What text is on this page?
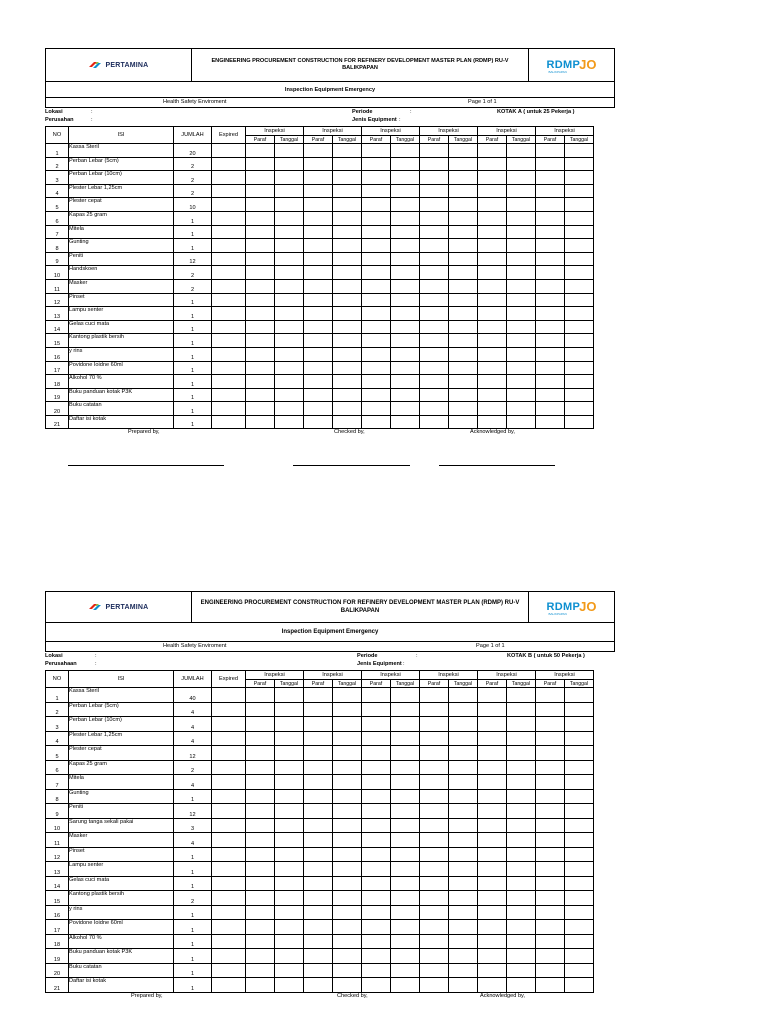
PERTAMINA
ENGINEERING PROCUREMENT CONSTRUCTION FOR REFINERY DEVELOPMENT MASTER PLAN (RDMP) RU-V BALIKPAPAN	RDMP JO
BALIKPAPAN
Inspection Equipment Emergency
Health Safety Enviroment	Page 1 of 1
Lokasi	:
Perusahan	:
Periode	:
Jenis Equipment :
KOTAK A ( untuk 25 Pekerja )
NO	ISI	JUMLAH	Expired	Inspeksi		Inspeksi		Inspeksi		Inspeksi		Inspeksi		Inspeksi	
				Paraf	Tanggal	Paraf	Tanggal	Paraf	Tanggal	Paraf	Tanggal	Paraf	Tanggal	Paraf	Tanggal
1	Kassa Steril	20													
2	Perban Lebar (5cm)	2													
3	Perban Lebar (10cm)	2													
4	Plester Lebar 1,25cm	2													
5	Plester cepat	10													
6	Kapas 25 gram	1													
7	Mitela	1													
8	Gunting	1													
9	Peniti	12													
10	Handskoen	2													
11	Masker	2													
12	Pinset	1													
13	Lampu senter	1													
14	Gelas cuci mata	1													
15	Kantong plastik bersih	1													
16	y rins	1													
17	Povidone Ioidne 60ml	1													
18	Alkohol 70 %	1													
19	Buku panduan kotak P3K	1													
20	Buku catatan	1													
21	Daftar isi kotak	1													
Prepared by,	Checked by,	Acknowledged by,
PERTAMINA
ENGINEERING PROCUREMENT CONSTRUCTION FOR REFINERY DEVELOPMENT MASTER PLAN (RDMP) RU-V BALIKPAPAN	RDMP JO
BALIKPAPAN
Inspection Equipment Emergency
Health Safety Enviroment	Page 1 of 1
Lokasi	:
Perusahaan	:
Periode	:
Jenis Equipment :
KOTAK B ( untuk 50 Pekerja )
NO	ISI	JUMLAH	Expired	Inspeksi		Inspeksi		Inspeksi		Inspeksi		Inspeksi		Inspeksi	
				Paraf	Tanggal	Paraf	Tanggal	Paraf	Tanggal	Paraf	Tanggal	Paraf	Tanggal	Paraf	Tanggal
1	Kassa Steril	40													
2	Perban Lebar (5cm)	4													
3	Perban Lebar (10cm)	4													
4	Plester Lebar 1,25cm	4													
5	Plester cepat	12													
6	Kapas 25 gram	2													
7	Mitela	4													
8	Gunting	1													
9	Peniti	12													
10	Sarung tanga sekali pakai	3													
11	Masker	4													
12	Pinset	1													
13	Lampu senter	1													
14	Gelas cuci mata	1													
15	Kantong plastik bersih	2													
16	y rins	1													
17	Povidone Ioidne 60ml	1													
18	Alkohol 70 %	1													
19	Buku panduan kotak P3K	1													
20	Buku catatan	1													
21	Daftar isi kotak	1													
Prepared by,	Checked by,	Acknowledged by,
